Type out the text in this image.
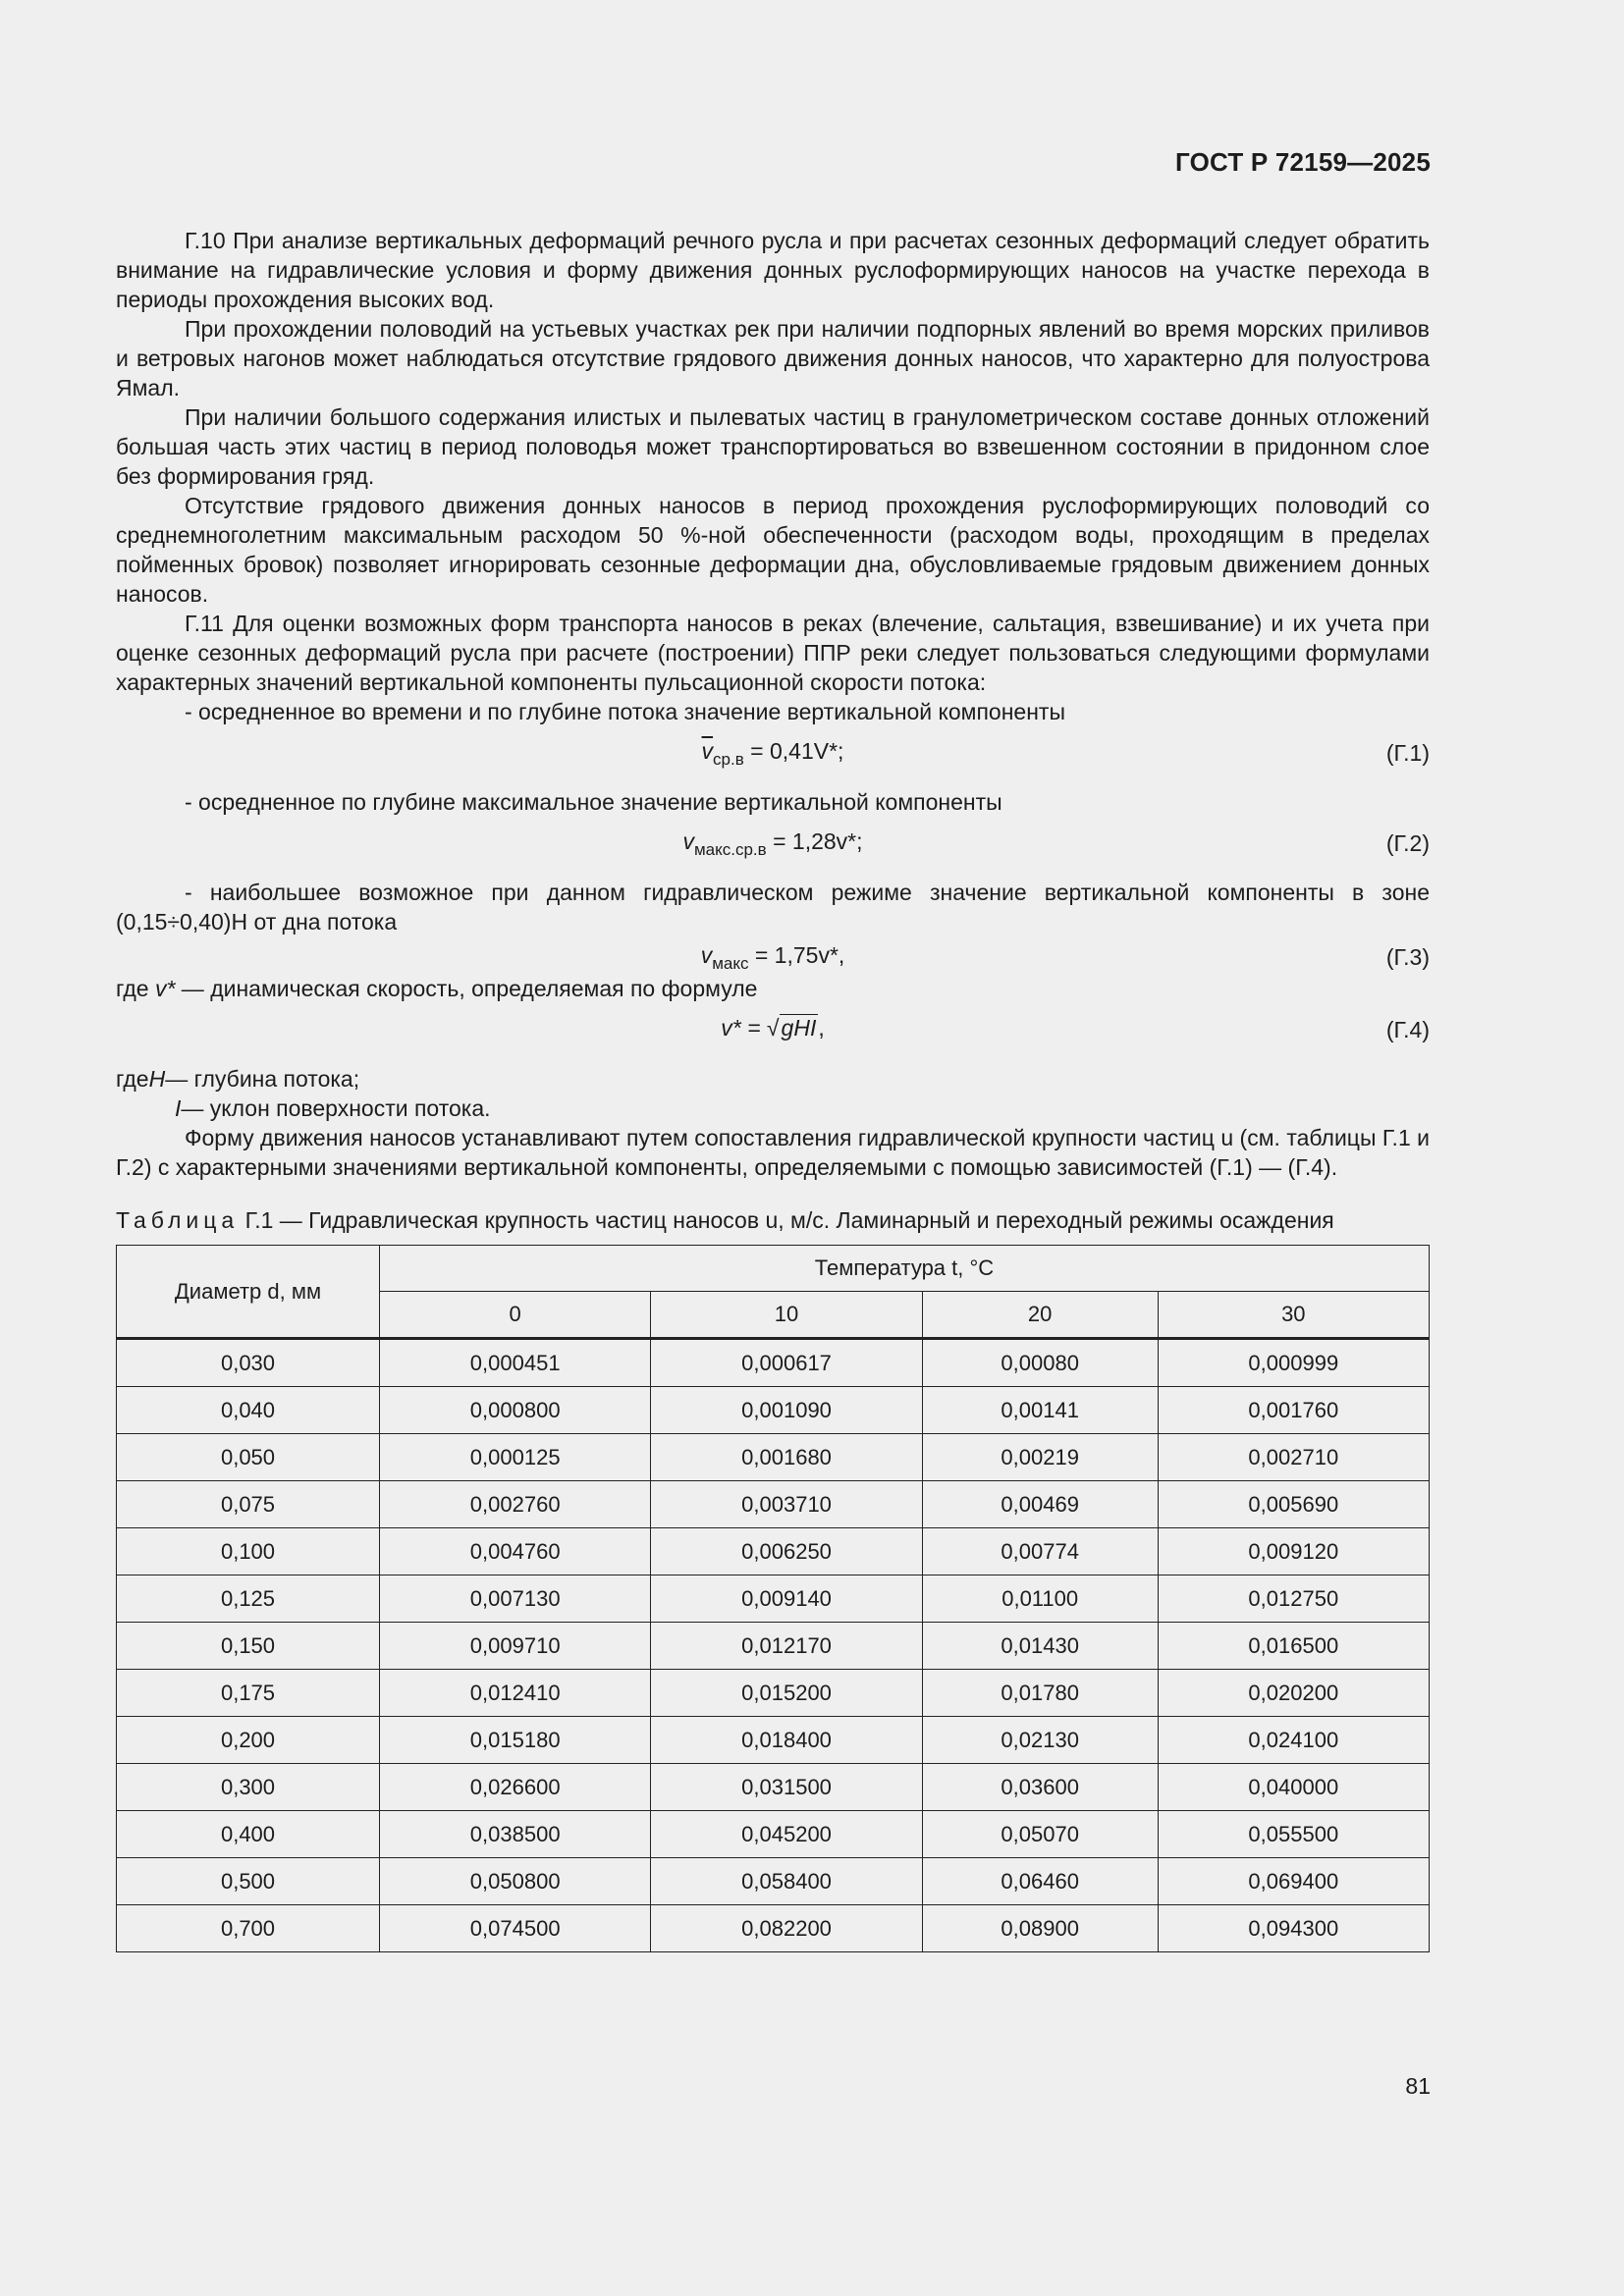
ГОСТ Р 72159—2025

Г.10 При анализе вертикальных деформаций речного русла и при расчетах сезонных деформаций следует обратить внимание на гидравлические условия и форму движения донных руслоформирующих наносов на участке перехода в периоды прохождения высоких вод.

При прохождении половодий на устьевых участках рек при наличии подпорных явлений во время морских приливов и ветровых нагонов может наблюдаться отсутствие грядового движения донных наносов, что характерно для полуострова Ямал.

При наличии большого содержания илистых и пылеватых частиц в гранулометрическом составе донных отложений большая часть этих частиц в период половодья может транспортироваться во взвешенном состоянии в придонном слое без формирования гряд.

Отсутствие грядового движения донных наносов в период прохождения руслоформирующих половодий со среднемноголетним максимальным расходом 50 %-ной обеспеченности (расходом воды, проходящим в пределах пойменных бровок) позволяет игнорировать сезонные деформации дна, обусловливаемые грядовым движением донных наносов.

Г.11 Для оценки возможных форм транспорта наносов в реках (влечение, сальтация, взвешивание) и их учета при оценке сезонных деформаций русла при расчете (построении) ППР реки следует пользоваться следующими формулами характерных значений вертикальной компоненты пульсационной скорости потока:

- осредненное во времени и по глубине потока значение вертикальной компоненты

$\overline{v}_{ср.в} = 0,41V*$;	(Г.1)

- осредненное по глубине максимальное значение вертикальной компоненты

$v_{макс.ср.в} = 1,28v*$;	(Г.2)

- наибольшее возможное при данном гидравлическом режиме значение вертикальной компоненты в зоне (0,15÷0,40)Н от дна потока

$v_{макс} = 1,75v*$,	(Г.3)

где v* — динамическая скорость, определяемая по формуле

v* = √gHI,	(Г.4)
где H — глубина потока;
I — уклон поверхности потока.

Форму движения наносов устанавливают путем сопоставления гидравлической крупности частиц u (см. таблицы Г.1 и Г.2) с характерными значениями вертикальной компоненты, определяемыми с помощью зависимостей (Г.1) — (Г.4).

Таблица Г.1 — Гидравлическая крупность частиц наносов u, м/с. Ламинарный и переходный режимы осаждения
Диаметр d, мм	Температура t, °С			
	0	10	20	30
0,030	0,000451	0,000617	0,00080	0,000999
0,040	0,000800	0,001090	0,00141	0,001760
0,050	0,000125	0,001680	0,00219	0,002710
0,075	0,002760	0,003710	0,00469	0,005690
0,100	0,004760	0,006250	0,00774	0,009120
0,125	0,007130	0,009140	0,01100	0,012750
0,150	0,009710	0,012170	0,01430	0,016500
0,175	0,012410	0,015200	0,01780	0,020200
0,200	0,015180	0,018400	0,02130	0,024100
0,300	0,026600	0,031500	0,03600	0,040000
0,400	0,038500	0,045200	0,05070	0,055500
0,500	0,050800	0,058400	0,06460	0,069400
0,700	0,074500	0,082200	0,08900	0,094300
81
